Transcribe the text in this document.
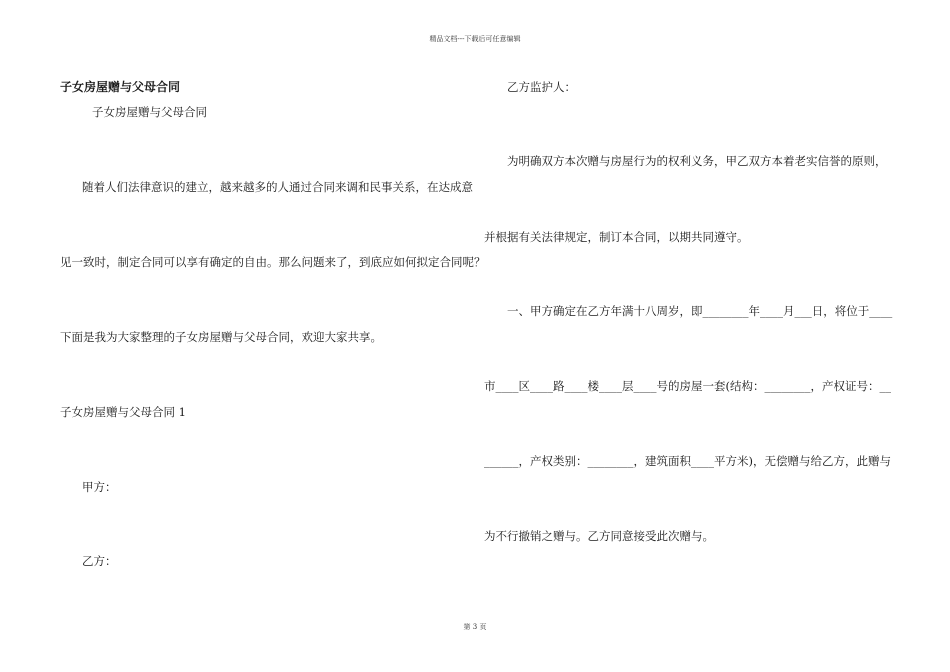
精品文档---下载后可任意编辑
子女房屋赠与父母合同
子女房屋赠与父母合同
随着人们法律意识的建立，越来越多的人通过合同来调和民事关系，在达成意
见一致时，制定合同可以享有确定的自由。那么问题来了，到底应如何拟定合同呢？
下面是我为大家整理的子女房屋赠与父母合同，欢迎大家共享。
子女房屋赠与父母合同 1
甲方：
乙方：
乙方监护人：
为明确双方本次赠与房屋行为的权利义务，甲乙双方本着老实信誉的原则，
并根据有关法律规定，制订本合同，以期共同遵守。
一、甲方确定在乙方年满十八周岁，即________年____月___日，将位于____
市____区____路____楼____层____号的房屋一套(结构：________，产权证号：__
______，产权类别：________，建筑面积____平方米)，无偿赠与给乙方，此赠与
为不行撤销之赠与。乙方同意接受此次赠与。
第 3 页
